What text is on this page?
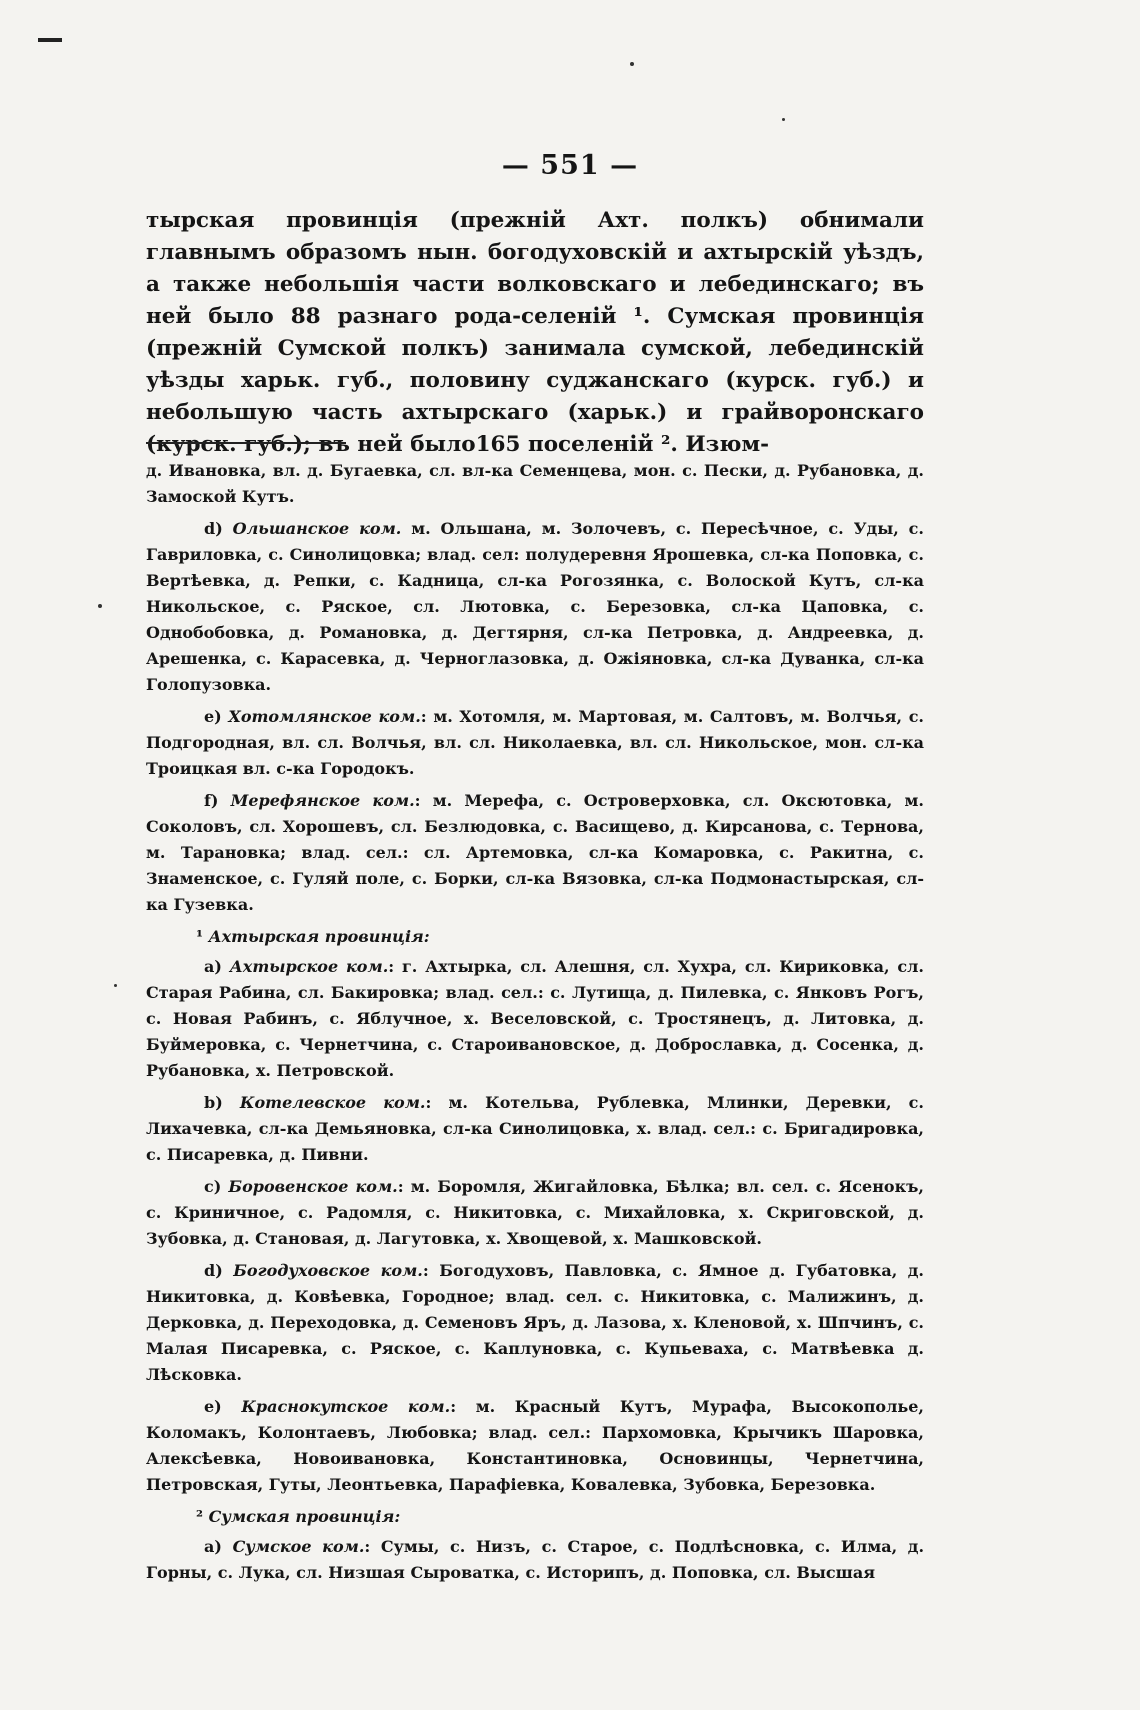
— 551 —
тырская провинція (прежній Ахт. полкъ) обнимали главнымъ образомъ нын. богодуховскій и ахтырскій уѣздъ, а также небольшія части волковскаго и лебединскаго; въ ней было 88 разнаго рода-селеній ¹. Сумская провинція (прежній Сумской полкъ) занимала сумской, лебединскій уѣзды харьк. губ., половину суджанскаго (курск. губ.) и небольшую часть ахтырскаго (харьк.) и грайворонскаго (курск. губ.); въ ней было165 поселеній ². Изюм-

д. Ивановка, вл. д. Бугаевка, сл. вл-ка Семенцева, мон. с. Пески, д. Рубановка, д. Замоской Кутъ.

d) Ольшанское ком. м. Ольшана, м. Золочевъ, с. Пересѣчное, с. Уды, с. Гавриловка, с. Синолицовка; влад. сел: полудеревня Ярошевка, сл-ка Поповка, с. Вертѣевка, д. Репки, с. Кадница, сл-ка Рогозянка, с. Волоской Кутъ, сл-ка Никольское, с. Ряское, сл. Лютовка, с. Березовка, сл-ка Цаповка, с. Однобобовка, д. Романовка, д. Дегтярня, сл-ка Петровка, д. Андреевка, д. Арешенка, с. Карасевка, д. Черноглазовка, д. Ожіяновка, сл-ка Дуванка, сл-ка Голопузовка.

е) Хотомлянское ком.: м. Хотомля, м. Мартовая, м. Салтовъ, м. Волчья, с. Подгородная, вл. сл. Волчья, вл. сл. Николаевка, вл. сл. Никольское, мон. сл-ка Троицкая вл. с-ка Городокъ.

f) Мерефянское ком.: м. Мерефа, с. Островерховка, сл. Оксютовка, м. Соколовъ, сл. Хорошевъ, сл. Безлюдовка, с. Васищево, д. Кирсанова, с. Тернова, м. Тарановка; влад. сел.: сл. Артемовка, сл-ка Комаровка, с. Ракитна, с. Знаменское, с. Гуляй поле, с. Борки, сл-ка Вязовка, сл-ка Подмонастырская, сл-ка Гузевка.

¹ Ахтырская провинція:

a) Ахтырское ком.: г. Ахтырка, сл. Алешня, сл. Хухра, сл. Кириковка, сл. Старая Рабина, сл. Бакировка; влад. сел.: с. Лутища, д. Пилевка, с. Янковъ Рогъ, с. Новая Рабинъ, с. Яблучное, х. Веселовской, с. Тростянецъ, д. Литовка, д. Буймеровка, с. Чернетчина, с. Староивановское, д. Доброславка, д. Сосенка, д. Рубановка, х. Петровской.

b) Котелевское ком.: м. Котельва, Рублевка, Млинки, Деревки, с. Лихачевка, сл-ка Демьяновка, сл-ка Синолицовка, х. влад. сел.: с. Бригадировка, с. Писаревка, д. Пивни.

c) Боровенское ком.: м. Боромля, Жигайловка, Бѣлка; вл. сел. с. Ясенокъ, с. Криничное, с. Радомля, с. Никитовка, с. Михайловка, х. Скриговской, д. Зубовка, д. Становая, д. Лагутовка, х. Хвощевой, х. Машковской.

d) Богодуховское ком.: Богодуховъ, Павловка, с. Ямное д. Губатовка, д. Никитовка, д. Ковѣевка, Городное; влад. сел. с. Никитовка, с. Малижинъ, д. Дерковка, д. Переходовка, д. Семеновъ Яръ, д. Лазова, х. Кленовой, х. Шпчинъ, с. Малая Писаревка, с. Ряское, с. Каплуновка, с. Купьеваха, с. Матвѣевка д. Лѣсковка.

е) Краснокутское ком.: м. Красный Кутъ, Мурафа, Высокополье, Коломакъ, Колонтаевъ, Любовка; влад. сел.: Пархомовка, Крычикъ Шаровка, Алексѣевка, Новоивановка, Константиновка, Основинцы, Чернетчина, Петровская, Гуты, Леонтьевка, Парафіевка, Ковалевка, Зубовка, Березовка.

² Сумская провинція:

a) Сумское ком.: Сумы, с. Низъ, с. Старое, с. Подлѣсновка, с. Илма, д. Горны, с. Лука, сл. Низшая Сыроватка, с. Историпъ, д. Поповка, сл. Высшая
